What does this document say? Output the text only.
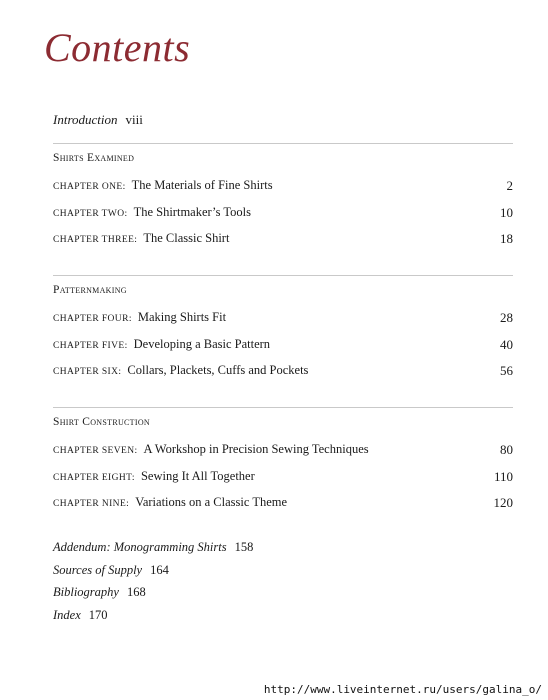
Contents
Introduction viii
Shirts Examined
CHAPTER ONE : The Materials of Fine Shirts	2
CHAPTER TWO : The Shirtmaker’s Tools	10
CHAPTER THREE : The Classic Shirt	18
Patternmaking
CHAPTER FOUR : Making Shirts Fit	28
CHAPTER FIVE : Developing a Basic Pattern	40
CHAPTER SIX : Collars, Plackets, Cuffs and Pockets	56
Shirt Construction
CHAPTER SEVEN : A Workshop in Precision Sewing Techniques	80
CHAPTER EIGHT : Sewing It All Together	110
CHAPTER NINE : Variations on a Classic Theme	120
Addendum: Monogramming Shirts 158
Sources of Supply 164
Bibliography 168
Index 170
http://www.liveinternet.ru/users/galina_o/
